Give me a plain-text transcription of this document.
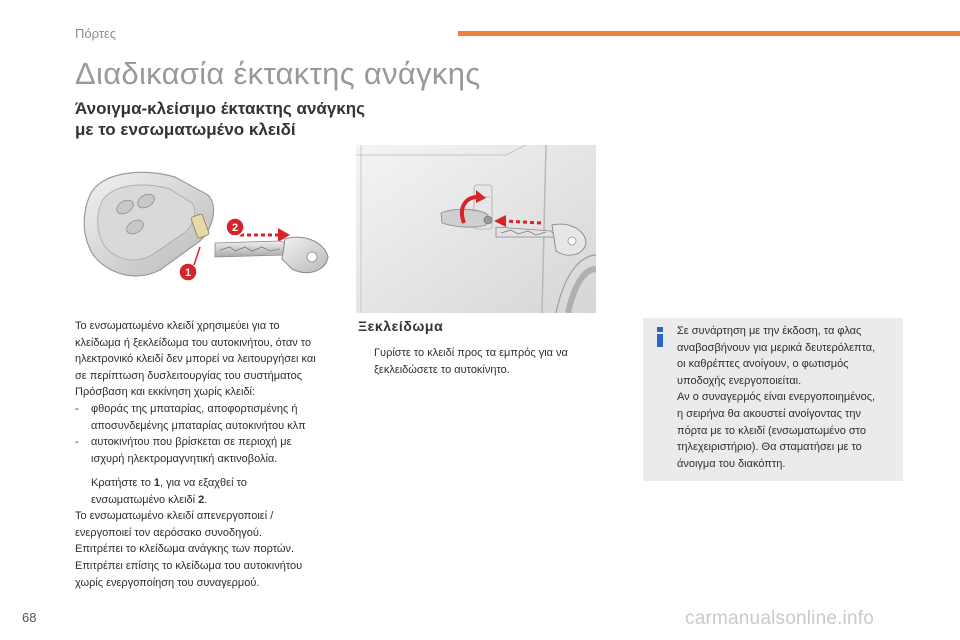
Πόρτες
Διαδικασία έκτακτης ανάγκης
Άνοιγμα-κλείσιμο έκτακτης ανάγκης
με το ενσωματωμένο κλειδί
2
1
Το ενσωματωμένο κλειδί χρησιμεύει για το
κλείδωμα ή ξεκλείδωμα του αυτοκινήτου, όταν το
ηλεκτρονικό κλειδί δεν μπορεί να λειτουργήσει και
σε περίπτωση δυσλειτουργίας του συστήματος
Πρόσβαση και εκκίνηση χωρίς κλειδί:
- φθοράς της μπαταρίας, αποφορτισμένης ή
αποσυνδεμένης μπαταρίας αυτοκινήτου κλπ
- αυτοκινήτου που βρίσκεται σε περιοχή με
ισχυρή ηλεκτρομαγνητική ακτινοβολία.
Κρατήστε το 1, για να εξαχθεί το
ενσωματωμένο κλειδί 2.
Το ενσωματωμένο κλειδί απενεργοποιεί /
ενεργοποιεί τον αερόσακο συνοδηγού.
Επιτρέπει το κλείδωμα ανάγκης των πορτών.
Επιτρέπει επίσης το κλείδωμα του αυτοκινήτου
χωρίς ενεργοποίηση του συναγερμού.
Ξεκλείδωμα
Γυρίστε το κλειδί προς τα εμπρός για να
ξεκλειδώσετε το αυτοκίνητο.
Σε συνάρτηση με την έκδοση, τα φλας
αναβοσβήνουν για μερικά δευτερόλεπτα,
οι καθρέπτες ανοίγουν, ο φωτισμός
υποδοχής ενεργοποιείται.
Αν ο συναγερμός είναι ενεργοποιημένος,
η σειρήνα θα ακουστεί ανοίγοντας την
πόρτα με το κλειδί (ενσωματωμένο στο
τηλεχειριστήριο). Θα σταματήσει με το
άνοιγμα του διακόπτη.
68	carmanualsonline.info
